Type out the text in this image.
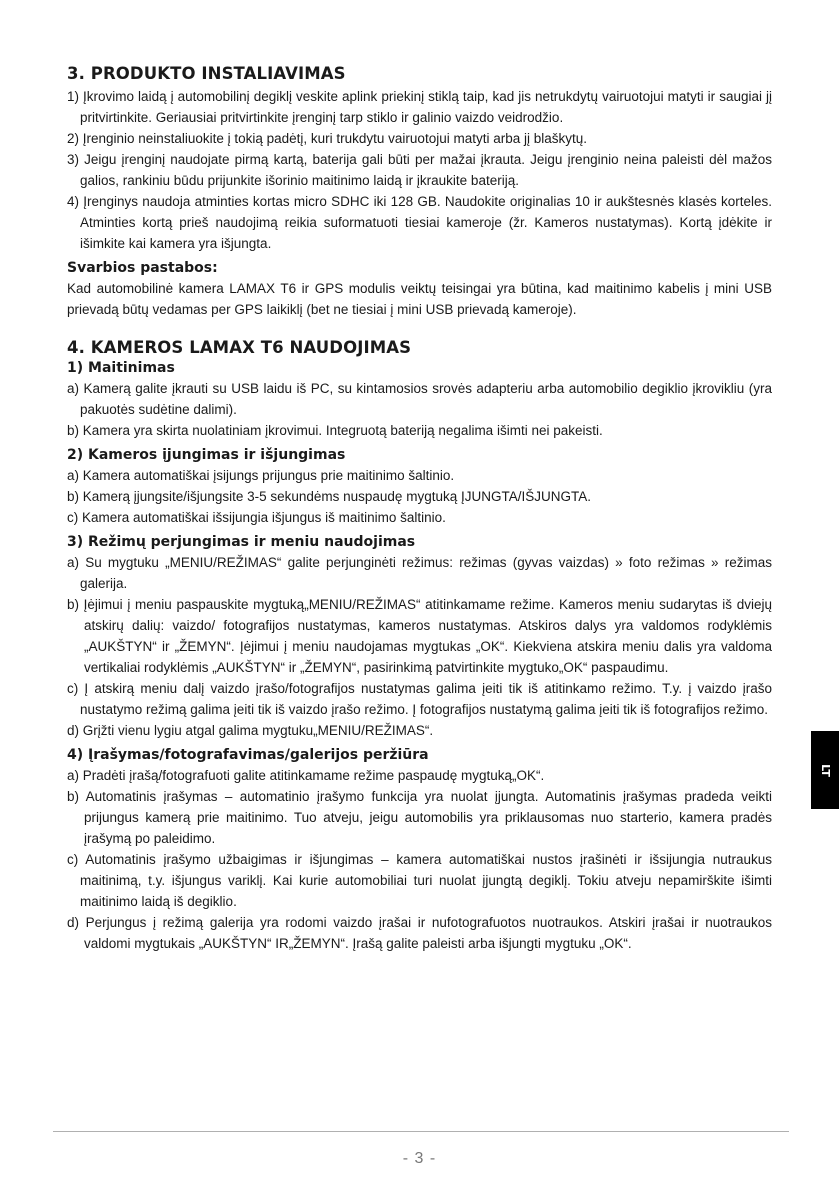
3. PRODUKTO INSTALIAVIMAS

1) Įkrovimo laidą į automobilinį degiklį veskite aplink priekinį stiklą taip, kad jis netrukdytų vairuotojui matyti ir saugiai jį pritvirtinkite. Geriausiai pritvirtinkite įrenginį tarp stiklo ir galinio vaizdo veidrodžio.

2) Įrenginio neinstaliuokite į tokią padėtį, kuri trukdytu vairuotojui matyti arba jį blaškytų.

3) Jeigu įrenginį naudojate pirmą kartą, baterija gali būti per mažai įkrauta. Jeigu įrenginio neina paleisti dėl mažos galios, rankiniu būdu prijunkite išorinio maitinimo laidą ir įkraukite bateriją.

4) Įrenginys naudoja atminties kortas micro SDHC iki 128 GB. Naudokite originalias 10 ir aukštesnės klasės korteles. Atminties kortą prieš naudojimą reikia suformatuoti tiesiai kameroje (žr. Kameros nustatymas). Kortą įdėkite ir išimkite kai kamera yra išjungta.

Svarbios pastabos:

Kad automobilinė kamera LAMAX T6 ir GPS modulis veiktų teisingai yra būtina, kad maitinimo kabelis į mini USB prievadą būtų vedamas per GPS laikiklį (bet ne tiesiai į mini USB prievadą kameroje).

4. KAMEROS LAMAX T6 NAUDOJIMAS
1) Maitinimas

a) Kamerą galite įkrauti su USB laidu iš PC, su kintamosios srovės adapteriu arba automobilio degiklio įkrovikliu (yra pakuotės sudėtine dalimi).

b) Kamera yra skirta nuolatiniam įkrovimui. Integruotą bateriją negalima išimti nei pakeisti.

2) Kameros įjungimas ir išjungimas

a) Kamera automatiškai įsijungs prijungus prie maitinimo šaltinio.

b) Kamerą įjungsite/išjungsite 3-5 sekundėms nuspaudę mygtuką ĮJUNGTA/IŠJUNGTA.

c) Kamera automatiškai išsijungia išjungus iš maitinimo šaltinio.

3) Režimų perjungimas ir meniu naudojimas

a) Su mygtuku „MENIU/REŽIMAS“ galite perjunginėti režimus: režimas (gyvas vaizdas) » foto režimas » režimas galerija.

b) Įėjimui į meniu paspauskite mygtuką„MENIU/REŽIMAS“ atitinkamame režime. Kameros meniu sudarytas iš dviejų atskirų dalių: vaizdo/ fotografijos nustatymas, kameros nustatymas. Atskiros dalys yra valdomos rodyklėmis „AUKŠTYN“ ir „ŽEMYN“. Įėjimui į meniu naudojamas mygtukas „OK“. Kiekviena atskira meniu dalis yra valdoma vertikaliai rodyklėmis „AUKŠTYN“ ir „ŽEMYN“, pasirinkimą patvirtinkite mygtuko„OK“ paspaudimu.

c) Į atskirą meniu dalį vaizdo įrašo/fotografijos nustatymas galima įeiti tik iš atitinkamo režimo. T.y. į vaizdo įrašo nustatymo režimą galima įeiti tik iš vaizdo įrašo režimo. Į fotografijos nustatymą galima įeiti tik iš fotografijos režimo.

d) Grįžti vienu lygiu atgal galima mygtuku„MENIU/REŽIMAS“.

4) Įrašymas/fotografavimas/galerijos peržiūra

a) Pradėti įrašą/fotografuoti galite atitinkamame režime paspaudę mygtuką„OK“.

b) Automatinis įrašymas – automatinio įrašymo funkcija yra nuolat įjungta. Automatinis įrašymas pradeda veikti prijungus kamerą prie maitinimo. Tuo atveju, jeigu automobilis yra priklausomas nuo starterio, kamera pradės įrašymą po paleidimo.

c) Automatinis įrašymo užbaigimas ir išjungimas – kamera automatiškai nustos įrašinėti ir išsijungia nutraukus maitinimą, t.y. išjungus variklį. Kai kurie automobiliai turi nuolat įjungtą degiklį. Tokiu atveju nepamirškite išimti maitinimo laidą iš degiklio.

d) Perjungus į režimą galerija yra rodomi vaizdo įrašai ir nufotografuotos nuotraukos. Atskiri įrašai ir nuotraukos valdomi mygtukais „AUKŠTYN“ IR„ŽEMYN“. Įrašą galite paleisti arba išjungti mygtuku „OK“.

LT
- 3 -
